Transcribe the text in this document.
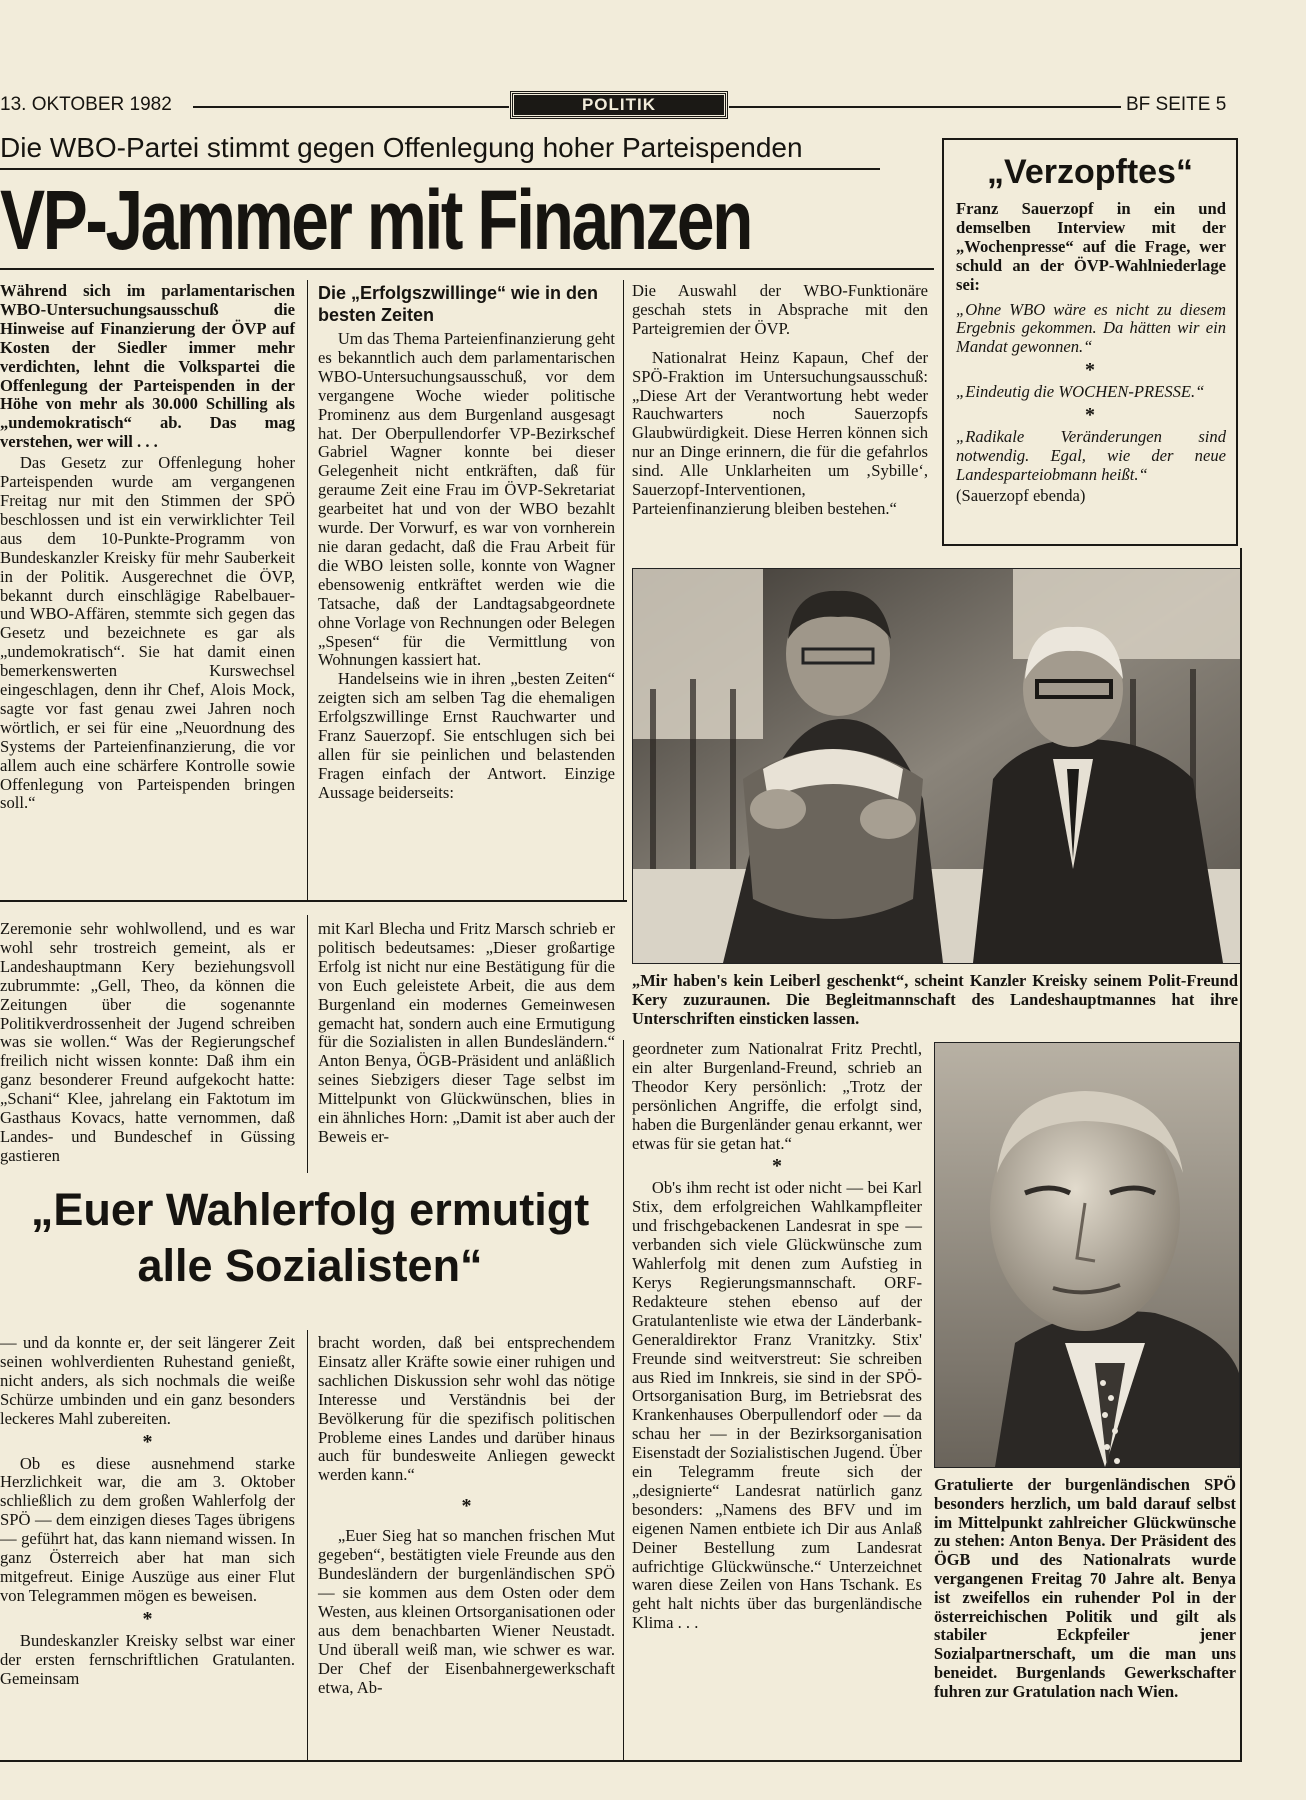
13. OKTOBER 1982	POLITIK	BF SEITE 5
Die WBO-Partei stimmt gegen Offenlegung hoher Parteispenden
VP-Jammer mit Finanzen
„Verzopftes“
Franz Sauerzopf in ein und demselben Interview mit der „Wochenpresse“ auf die Frage, wer schuld an der ÖVP-Wahlniederlage sei:
„Ohne WBO wäre es nicht zu diesem Ergebnis gekommen. Da hätten wir ein Mandat gewonnen.“
*
„Eindeutig die WOCHEN-PRESSE.“
*
„Radikale Veränderungen sind notwendig. Egal, wie der neue Landesparteiobmann heißt.“
(Sauerzopf ebenda)

Während sich im parlamentarischen WBO-Untersuchungsausschuß die Hinweise auf Finanzierung der ÖVP auf Kosten der Siedler immer mehr verdichten, lehnt die Volkspartei die Offenlegung der Parteispenden in der Höhe von mehr als 30.000 Schilling als „undemokratisch“ ab. Das mag verstehen, wer will . . .

Das Gesetz zur Offenlegung hoher Parteispenden wurde am vergangenen Freitag nur mit den Stimmen der SPÖ beschlossen und ist ein verwirklichter Teil aus dem 10-Punkte-Programm von Bundeskanzler Kreisky für mehr Sauberkeit in der Politik. Ausgerechnet die ÖVP, bekannt durch einschlägige Rabelbauer- und WBO-Affären, stemmte sich gegen das Gesetz und bezeichnete es gar als „undemokratisch“. Sie hat damit einen bemerkenswerten Kurswechsel eingeschlagen, denn ihr Chef, Alois Mock, sagte vor fast genau zwei Jahren noch wörtlich, er sei für eine „Neuordnung des Systems der Parteienfinanzierung, die vor allem auch eine schärfere Kontrolle sowie Offenlegung von Parteispenden bringen soll.“

Die „Erfolgszwillinge“ wie in den besten Zeiten

Um das Thema Parteienfinanzierung geht es bekanntlich auch dem parlamentarischen WBO-Untersuchungsausschuß, vor dem vergangene Woche wieder politische Prominenz aus dem Burgenland ausgesagt hat. Der Oberpullendorfer VP-Bezirkschef Gabriel Wagner konnte bei dieser Gelegenheit nicht entkräften, daß für geraume Zeit eine Frau im ÖVP-Sekretariat gearbeitet hat und von der WBO bezahlt wurde. Der Vorwurf, es war von vornherein nie daran gedacht, daß die Frau Arbeit für die WBO leisten solle, konnte von Wagner ebensowenig entkräftet werden wie die Tatsache, daß der Landtagsabgeordnete ohne Vorlage von Rechnungen oder Belegen „Spesen“ für die Vermittlung von Wohnungen kassiert hat.

Handelseins wie in ihren „besten Zeiten“ zeigten sich am selben Tag die ehemaligen Erfolgszwillinge Ernst Rauchwarter und Franz Sauerzopf. Sie entschlugen sich bei allen für sie peinlichen und belastenden Fragen einfach der Antwort. Einzige Aussage beiderseits:

Die Auswahl der WBO-Funktionäre geschah stets in Absprache mit den Parteigremien der ÖVP.

Nationalrat Heinz Kapaun, Chef der SPÖ-Fraktion im Untersuchungsausschuß: „Diese Art der Verantwortung hebt weder Rauchwarters noch Sauerzopfs Glaubwürdigkeit. Diese Herren können sich nur an Dinge erinnern, die für die gefahrlos sind. Alle Unklarheiten um ‚Sybille‘, Sauerzopf-Interventionen, Parteienfinanzierung bleiben bestehen.“

„Mir haben's kein Leiberl geschenkt“, scheint Kanzler Kreisky seinem Polit-Freund Kery zuzuraunen. Die Begleitmannschaft des Landeshauptmannes hat ihre Unterschriften einsticken lassen.
Zeremonie sehr wohlwollend, und es war wohl sehr trostreich gemeint, als er Landeshauptmann Kery beziehungsvoll zubrummte: „Gell, Theo, da können die Zeitungen über die sogenannte Politikverdrossenheit der Jugend schreiben was sie wollen.“ Was der Regierungschef freilich nicht wissen konnte: Daß ihm ein ganz besonderer Freund aufgekocht hatte: „Schani“ Klee, jahrelang ein Faktotum im Gasthaus Kovacs, hatte vernommen, daß Landes- und Bundeschef in Güssing gastieren
mit Karl Blecha und Fritz Marsch schrieb er politisch bedeutsames: „Dieser großartige Erfolg ist nicht nur eine Bestätigung für die von Euch geleistete Arbeit, die aus dem Burgenland ein modernes Gemeinwesen gemacht hat, sondern auch eine Ermutigung für die Sozialisten in allen Bundesländern.“ Anton Benya, ÖGB-Präsident und anläßlich seines Siebzigers dieser Tage selbst im Mittelpunkt von Glückwünschen, blies in ein ähnliches Horn: „Damit ist aber auch der Beweis er-
„Euer Wahlerfolg ermutigt
alle Sozialisten“

— und da konnte er, der seit längerer Zeit seinen wohlverdienten Ruhestand genießt, nicht anders, als sich nochmals die weiße Schürze umbinden und ein ganz besonders leckeres Mahl zubereiten.

*

Ob es diese ausnehmend starke Herzlichkeit war, die am 3. Oktober schließlich zu dem großen Wahlerfolg der SPÖ — dem einzigen dieses Tages übrigens — geführt hat, das kann niemand wissen. In ganz Österreich aber hat man sich mitgefreut. Einige Auszüge aus einer Flut von Telegrammen mögen es beweisen.

*

Bundeskanzler Kreisky selbst war einer der ersten fernschriftlichen Gratulanten. Gemeinsam

bracht worden, daß bei entsprechendem Einsatz aller Kräfte sowie einer ruhigen und sachlichen Diskussion sehr wohl das nötige Interesse und Verständnis bei der Bevölkerung für die spezifisch politischen Probleme eines Landes und darüber hinaus auch für bundesweite Anliegen geweckt werden kann.“

*

„Euer Sieg hat so manchen frischen Mut gegeben“, bestätigten viele Freunde aus den Bundesländern der burgenländischen SPÖ — sie kommen aus dem Osten oder dem Westen, aus kleinen Ortsorganisationen oder aus dem benachbarten Wiener Neustadt. Und überall weiß man, wie schwer es war. Der Chef der Eisenbahnergewerkschaft etwa, Ab-

geordneter zum Nationalrat Fritz Prechtl, ein alter Burgenland-Freund, schrieb an Theodor Kery persönlich: „Trotz der persönlichen Angriffe, die erfolgt sind, haben die Burgenländer genau erkannt, wer etwas für sie getan hat.“

*

Ob's ihm recht ist oder nicht — bei Karl Stix, dem erfolgreichen Wahlkampfleiter und frischgebackenen Landesrat in spe — verbanden sich viele Glückwünsche zum Wahlerfolg mit denen zum Aufstieg in Kerys Regierungsmannschaft. ORF-Redakteure stehen ebenso auf der Gratulantenliste wie etwa der Länderbank-Generaldirektor Franz Vranitzky. Stix' Freunde sind weitverstreut: Sie schreiben aus Ried im Innkreis, sie sind in der SPÖ-Ortsorganisation Burg, im Betriebsrat des Krankenhauses Oberpullendorf oder — da schau her — in der Bezirksorganisation Eisenstadt der Sozialistischen Jugend. Über ein Telegramm freute sich der „designierte“ Landesrat natürlich ganz besonders: „Namens des BFV und im eigenen Namen entbiete ich Dir aus Anlaß Deiner Bestellung zum Landesrat aufrichtige Glückwünsche.“ Unterzeichnet waren diese Zeilen von Hans Tschank. Es geht halt nichts über das burgenländische Klima . . .

Gratulierte der burgenländischen SPÖ besonders herzlich, um bald darauf selbst im Mittelpunkt zahlreicher Glückwünsche zu stehen: Anton Benya. Der Präsident des ÖGB und des Nationalrats wurde vergangenen Freitag 70 Jahre alt. Benya ist zweifellos ein ruhender Pol in der österreichischen Politik und gilt als stabiler Eckpfeiler jener Sozialpartnerschaft, um die man uns beneidet. Burgenlands Gewerkschafter fuhren zur Gratulation nach Wien.
